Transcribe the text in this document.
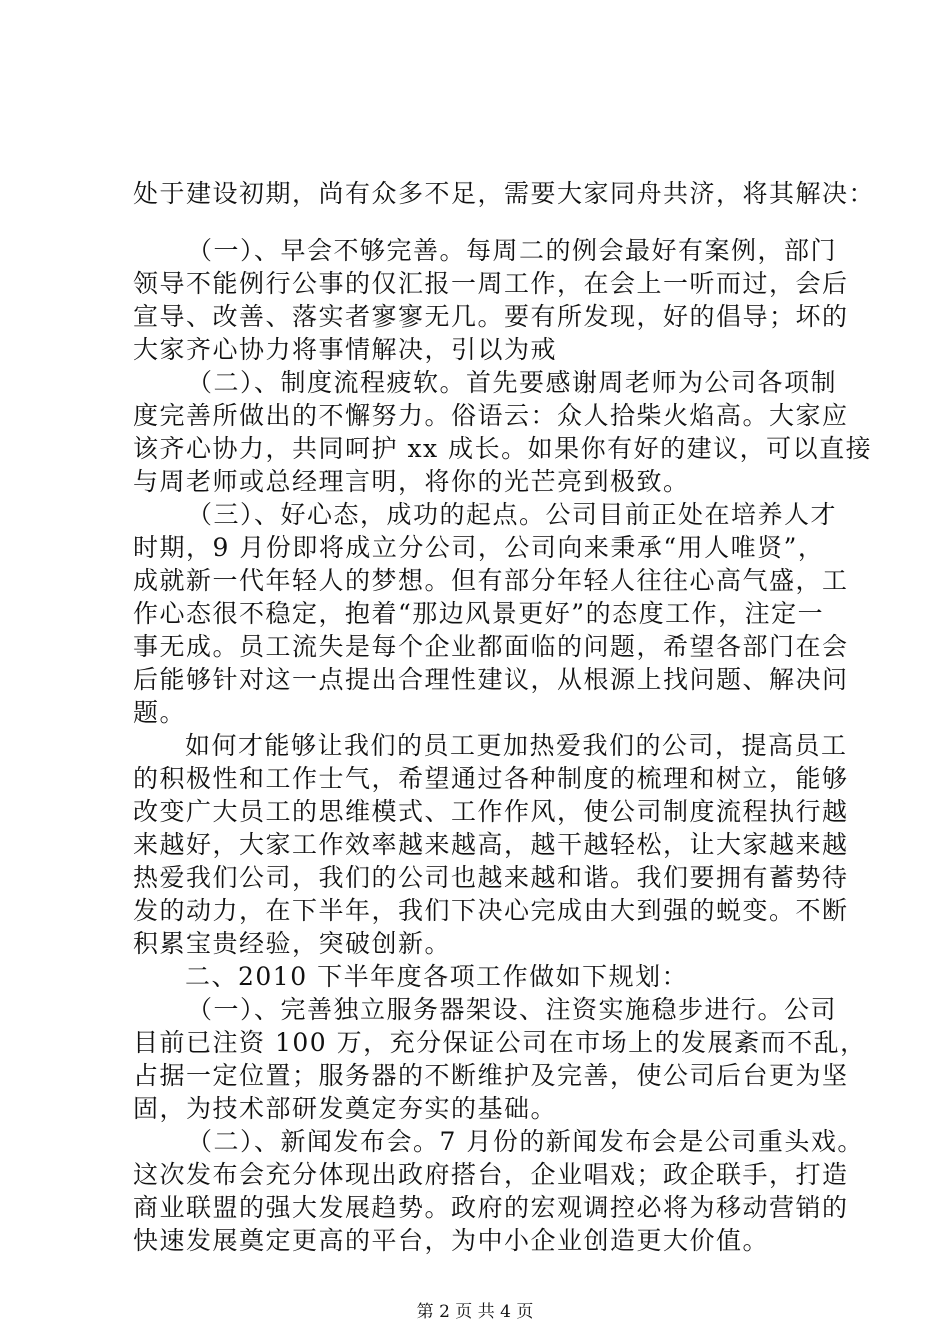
处于建设初期，尚有众多不足，需要大家同舟共济，将其解决：
（一）、早会不够完善。每周二的例会最好有案例，部门
领导不能例行公事的仅汇报一周工作，在会上一听而过，会后
宣导、改善、落实者寥寥无几。要有所发现，好的倡导；坏的
大家齐心协力将事情解决，引以为戒
（二）、制度流程疲软。首先要感谢周老师为公司各项制
度完善所做出的不懈努力。俗语云：众人拾柴火焰高。大家应
该齐心协力，共同呵护 xx 成长。如果你有好的建议，可以直接
与周老师或总经理言明，将你的光芒亮到极致。
（三）、好心态，成功的起点。公司目前正处在培养人才
时期，9 月份即将成立分公司，公司向来秉承“用人唯贤”，
成就新一代年轻人的梦想。但有部分年轻人往往心高气盛，工
作心态很不稳定，抱着“那边风景更好”的态度工作，注定一
事无成。员工流失是每个企业都面临的问题，希望各部门在会
后能够针对这一点提出合理性建议，从根源上找问题、解决问
题。
如何才能够让我们的员工更加热爱我们的公司，提高员工
的积极性和工作士气，希望通过各种制度的梳理和树立，能够
改变广大员工的思维模式、工作作风，使公司制度流程执行越
来越好，大家工作效率越来越高，越干越轻松，让大家越来越
热爱我们公司，我们的公司也越来越和谐。我们要拥有蓄势待
发的动力，在下半年，我们下决心完成由大到强的蜕变。不断
积累宝贵经验，突破创新。
二、2010 下半年度各项工作做如下规划：
（一）、完善独立服务器架设、注资实施稳步进行。公司
目前已注资 100 万，充分保证公司在市场上的发展紊而不乱，
占据一定位置；服务器的不断维护及完善，使公司后台更为坚
固，为技术部研发奠定夯实的基础。
（二）、新闻发布会。7 月份的新闻发布会是公司重头戏。
这次发布会充分体现出政府搭台，企业唱戏；政企联手，打造
商业联盟的强大发展趋势。政府的宏观调控必将为移动营销的
快速发展奠定更高的平台，为中小企业创造更大价值。
第 2 页 共 4 页
